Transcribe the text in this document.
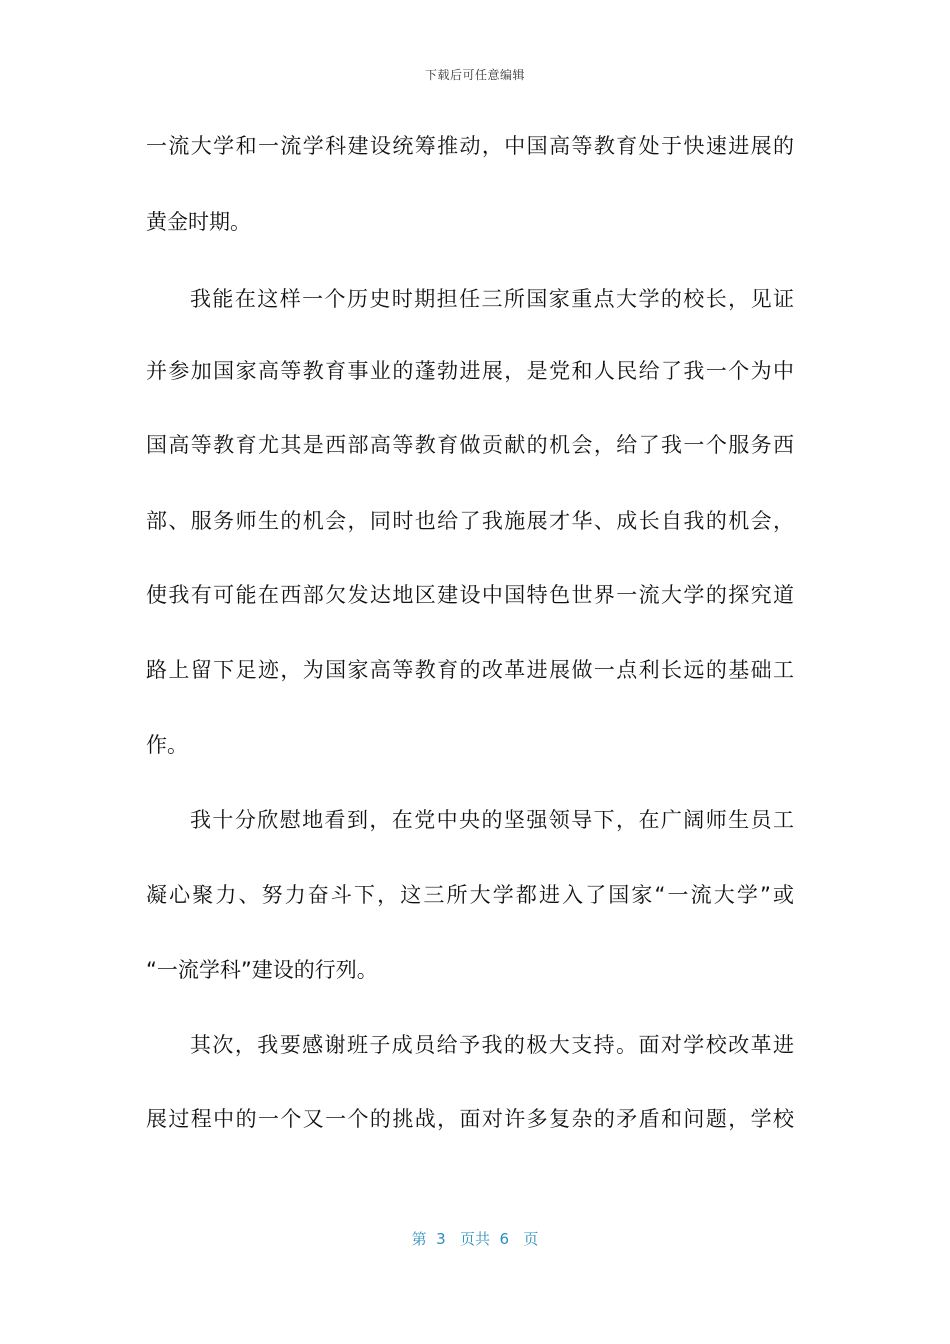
下载后可任意编辑
一流大学和一流学科建设统筹推动，中国高等教育处于快速进展的
黄金时期。
我能在这样一个历史时期担任三所国家重点大学的校长，见证
并参加国家高等教育事业的蓬勃进展，是党和人民给了我一个为中
国高等教育尤其是西部高等教育做贡献的机会，给了我一个服务西
部、服务师生的机会，同时也给了我施展才华、成长自我的机会，
使我有可能在西部欠发达地区建设中国特色世界一流大学的探究道
路上留下足迹，为国家高等教育的改革进展做一点利长远的基础工
作。
我十分欣慰地看到，在党中央的坚强领导下，在广阔师生员工
凝心聚力、努力奋斗下，这三所大学都进入了国家“一流大学”或
“一流学科”建设的行列。
其次，我要感谢班子成员给予我的极大支持。面对学校改革进
展过程中的一个又一个的挑战，面对许多复杂的矛盾和问题，学校
第  3   页共  6   页
